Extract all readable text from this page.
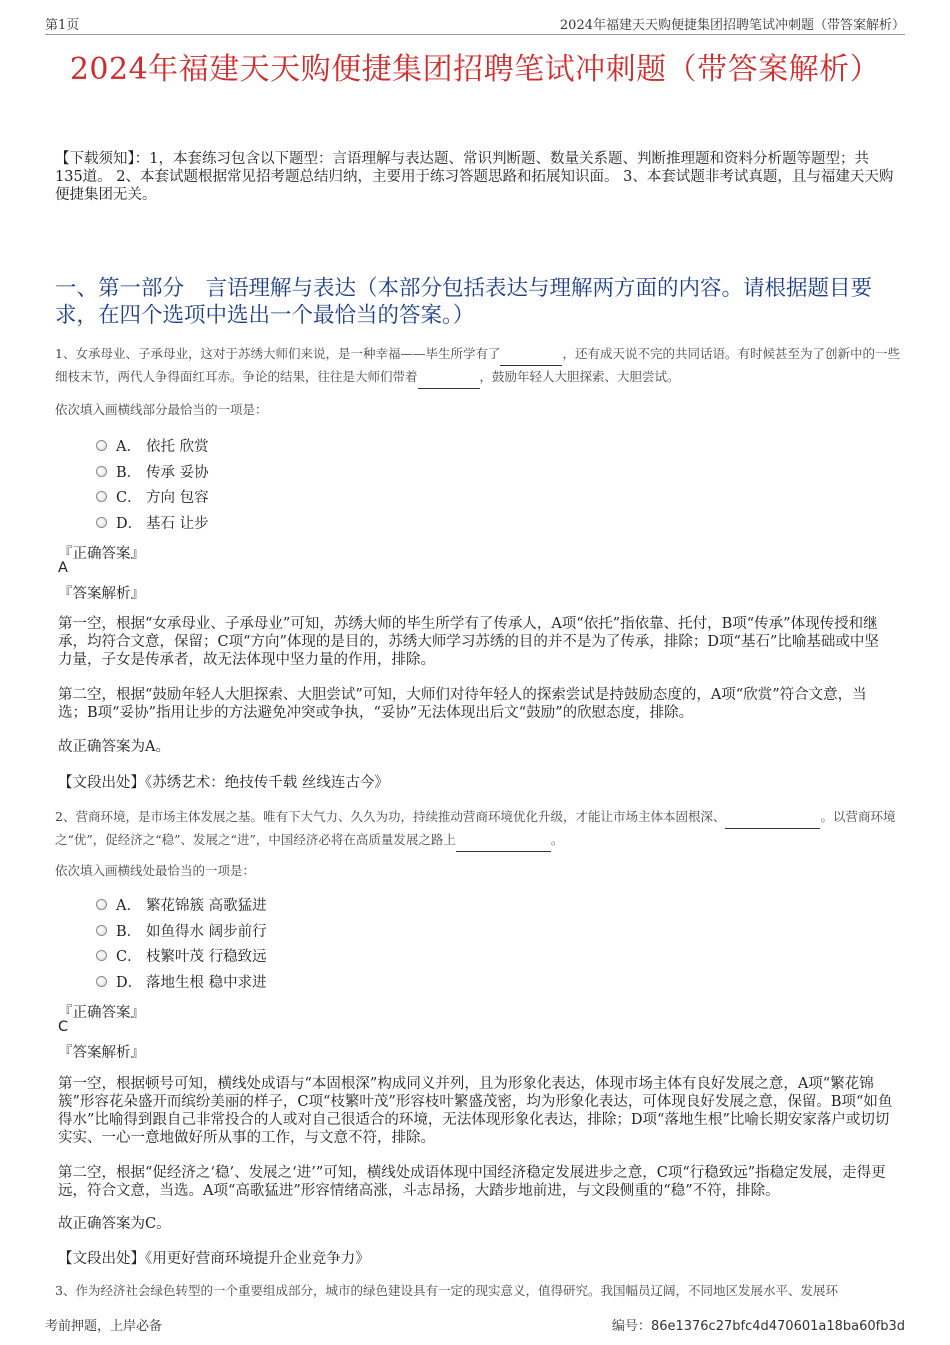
第1页	2024年福建天天购便捷集团招聘笔试冲刺题（带答案解析）
2024年福建天天购便捷集团招聘笔试冲刺题（带答案解析）
【下载须知】：1，本套练习包含以下题型：言语理解与表达题、常识判断题、数量关系题、判断推理题和资料分析题等题型；共135道。 2、本套试题根据常见招考题总结归纳，主要用于练习答题思路和拓展知识面。 3、本套试题非考试真题，且与福建天天购便捷集团无关。
一、第一部分　言语理解与表达（本部分包括表达与理解两方面的内容。请根据题目要求，在四个选项中选出一个最恰当的答案。）
1、女承母业、子承母业，这对于苏绣大师们来说，是一种幸福——毕生所学有了	，还有成天说不完的共同话语。有时候甚至为了创新中的一些细枝末节，两代人争得面红耳赤。争论的结果，往往是大师们带着	，鼓励年轻人大胆探索、大胆尝试。
依次填入画横线部分最恰当的一项是：
A． 依托 欣赏
B． 传承 妥协
C． 方向 包容
D． 基石 让步
『正确答案』
A
『答案解析』
第一空，根据“女承母业、子承母业”可知，苏绣大师的毕生所学有了传承人，A项“依托”指依靠、托付，B项“传承”体现传授和继承，均符合文意，保留；C项“方向”体现的是目的，苏绣大师学习苏绣的目的并不是为了传承，排除；D项“基石”比喻基础或中坚力量，子女是传承者，故无法体现中坚力量的作用，排除。
第二空，根据“鼓励年轻人大胆探索、大胆尝试”可知，大师们对待年轻人的探索尝试是持鼓励态度的，A项“欣赏”符合文意，当选；B项“妥协”指用让步的方法避免冲突或争执，“妥协”无法体现出后文“鼓励”的欣慰态度，排除。
故正确答案为A。
【文段出处】《苏绣艺术：绝技传千载 丝线连古今》
2、营商环境，是市场主体发展之基。唯有下大气力、久久为功，持续推动营商环境优化升级，才能让市场主体本固根深、	。以营商环境之“优”，促经济之“稳”、发展之“进”，中国经济必将在高质量发展之路上	。
依次填入画横线处最恰当的一项是：
A． 繁花锦簇 高歌猛进
B． 如鱼得水 阔步前行
C． 枝繁叶茂 行稳致远
D． 落地生根 稳中求进
『正确答案』
C
『答案解析』
第一空，根据顿号可知，横线处成语与“本固根深”构成同义并列，且为形象化表达，体现市场主体有良好发展之意，A项“繁花锦簇”形容花朵盛开而缤纷美丽的样子，C项“枝繁叶茂”形容枝叶繁盛茂密，均为形象化表达，可体现良好发展之意，保留。B项“如鱼得水”比喻得到跟自己非常投合的人或对自己很适合的环境，无法体现形象化表达，排除；D项“落地生根”比喻长期安家落户或切切实实、一心一意地做好所从事的工作，与文意不符，排除。
第二空，根据“促经济之‘稳’、发展之‘进’”可知，横线处成语体现中国经济稳定发展进步之意，C项“行稳致远”指稳定发展，走得更远，符合文意，当选。A项“高歌猛进”形容情绪高涨，斗志昂扬，大踏步地前进，与文段侧重的“稳”不符，排除。
故正确答案为C。
【文段出处】《用更好营商环境提升企业竞争力》
3、作为经济社会绿色转型的一个重要组成部分，城市的绿色建设具有一定的现实意义，值得研究。我国幅员辽阔，不同地区发展水平、发展环
考前押题，上岸必备	编号：86e1376c27bfc4d470601a18ba60fb3d
